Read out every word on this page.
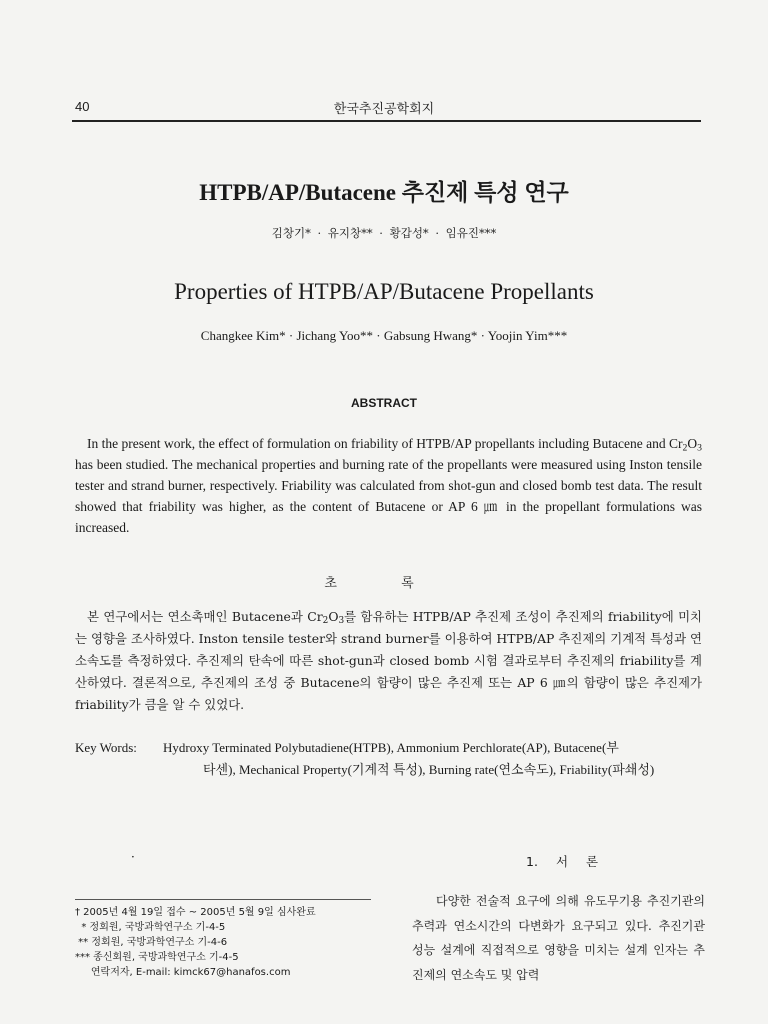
40	한국추진공학회지
HTPB/AP/Butacene 추진제 특성 연구
김창기* · 유지창** · 황갑성* · 임유진***
Properties of HTPB/AP/Butacene Propellants
Changkee Kim* · Jichang Yoo** · Gabsung Hwang* · Yoojin Yim***
ABSTRACT
In the present work, the effect of formulation on friability of HTPB/AP propellants including Butacene and $Cr_2O_3$ has been studied. The mechanical properties and burning rate of the propellants were measured using Inston tensile tester and strand burner, respectively. Friability was calculated from shot-gun and closed bomb test data. The result showed that friability was higher, as the content of Butacene or AP 6 ㎛ in the propellant formulations was increased.
초 록
본 연구에서는 연소촉매인 Butacene과 $Cr_2O_3$를 함유하는 HTPB/AP 추진제 조성이 추진제의 friability에 미치는 영향을 조사하였다. Inston tensile tester와 strand burner를 이용하여 HTPB/AP 추진제의 기계적 특성과 연소속도를 측정하였다. 추진제의 탄속에 따른 shot-gun과 closed bomb 시험 결과로부터 추진제의 friability를 계산하였다. 결론적으로, 추진제의 조성 중 Butacene의 함량이 많은 추진제 또는 AP 6 ㎛의 함량이 많은 추진제가 friability가 큼을 알 수 있었다.
Key Words: Hydroxy Terminated Polybutadiene(HTPB), Ammonium Perchlorate(AP), Butacene(부
타센), Mechanical Property(기계적 특성), Burning rate(연소속도), Friability(파쇄성)
·	1. 서 론
† 2005년 4월 19일 접수 ~ 2005년 5월 9일 심사완료
* 정회원, 국방과학연구소 기-4-5
** 정회원, 국방과학연구소 기-4-6
*** 종신회원, 국방과학연구소 기-4-5
연락저자, E-mail: kimck67@hanafos.com
다양한 전술적 요구에 의해 유도무기용 추진기관의 추력과 연소시간의 다변화가 요구되고 있다. 추진기관 성능 설계에 직접적으로 영향을 미치는 설계 인자는 추진제의 연소속도 및 압력
